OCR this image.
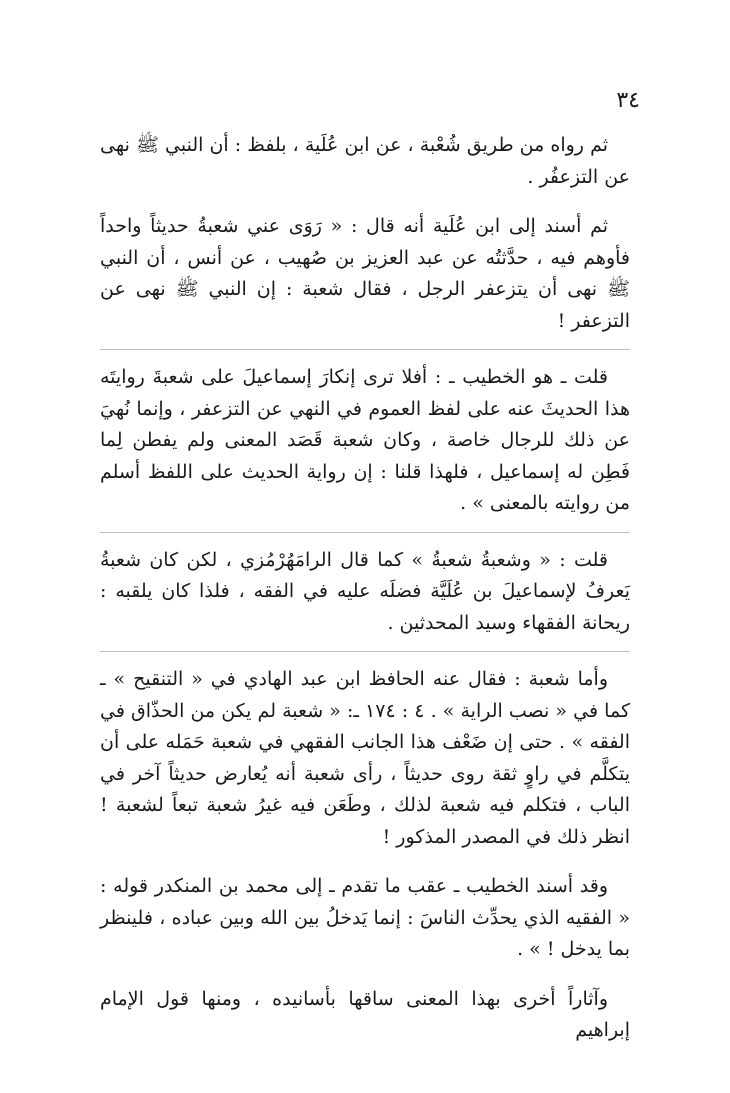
٣٤

ثم رواه من طريق شُعْبة ، عن ابن عُلَية ، بلفظ : أن النبي ﷺ نهى عن التزعفُر .

ثم أسند إلى ابن عُلَية أنه قال : « رَوَى عني شعبةُ حديثاً واحداً فأوهم فيه ، حدَّثتُه عن عبد العزيز بن صُهيب ، عن أنس ، أن النبي ﷺ نهى أن يتزعفر الرجل ، فقال شعبة : إن النبي ﷺ نهى عن التزعفر !

قلت ـ هو الخطيب ـ : أفلا ترى إنكارَ إسماعيلَ على شعبةَ روايتَه هذا الحديثَ عنه على لفظ العموم في النهي عن التزعفر ، وإنما نُهيَ عن ذلك للرجال خاصة ، وكان شعبة قَصَد المعنى ولم يفطن لِما فَطِن له إسماعيل ، فلهذا قلنا : إن رواية الحديث على اللفظ أسلم من روايته بالمعنى » .

قلت : « وشعبةُ شعبةُ » كما قال الرامَهُرْمُزي ، لكن كان شعبةُ يَعرفُ لإسماعيلَ بن عُلَيَّة فضلَه عليه في الفقه ، فلذا كان يلقبه : ريحانة الفقهاء وسيد المحدثين .

وأما شعبة : فقال عنه الحافظ ابن عبد الهادي في « التنقيح » ـ كما في « نصب الراية » . ٤ : ١٧٤ ـ: « شعبة لم يكن من الحذّاق في الفقه » . حتى إن ضَعْف هذا الجانب الفقهي في شعبة حَمَله على أن يتكلَّم في راوٍ ثقة روى حديثاً ، رأى شعبة أنه يُعارض حديثاً آخر في الباب ، فتكلم فيه شعبة لذلك ، وطَعَن فيه غيرُ شعبة تبعاً لشعبة ! انظر ذلك في المصدر المذكور !

وقد أسند الخطيب ـ عقب ما تقدم ـ إلى محمد بن المنكدر قوله : « الفقيه الذي يحدِّث الناسَ : إنما يَدخلُ بين الله وبين عباده ، فلينظر بما يدخل ! » .

وآثاراً أخرى بهذا المعنى ساقها بأسانيده ، ومنها قول الإمام إبراهيم
